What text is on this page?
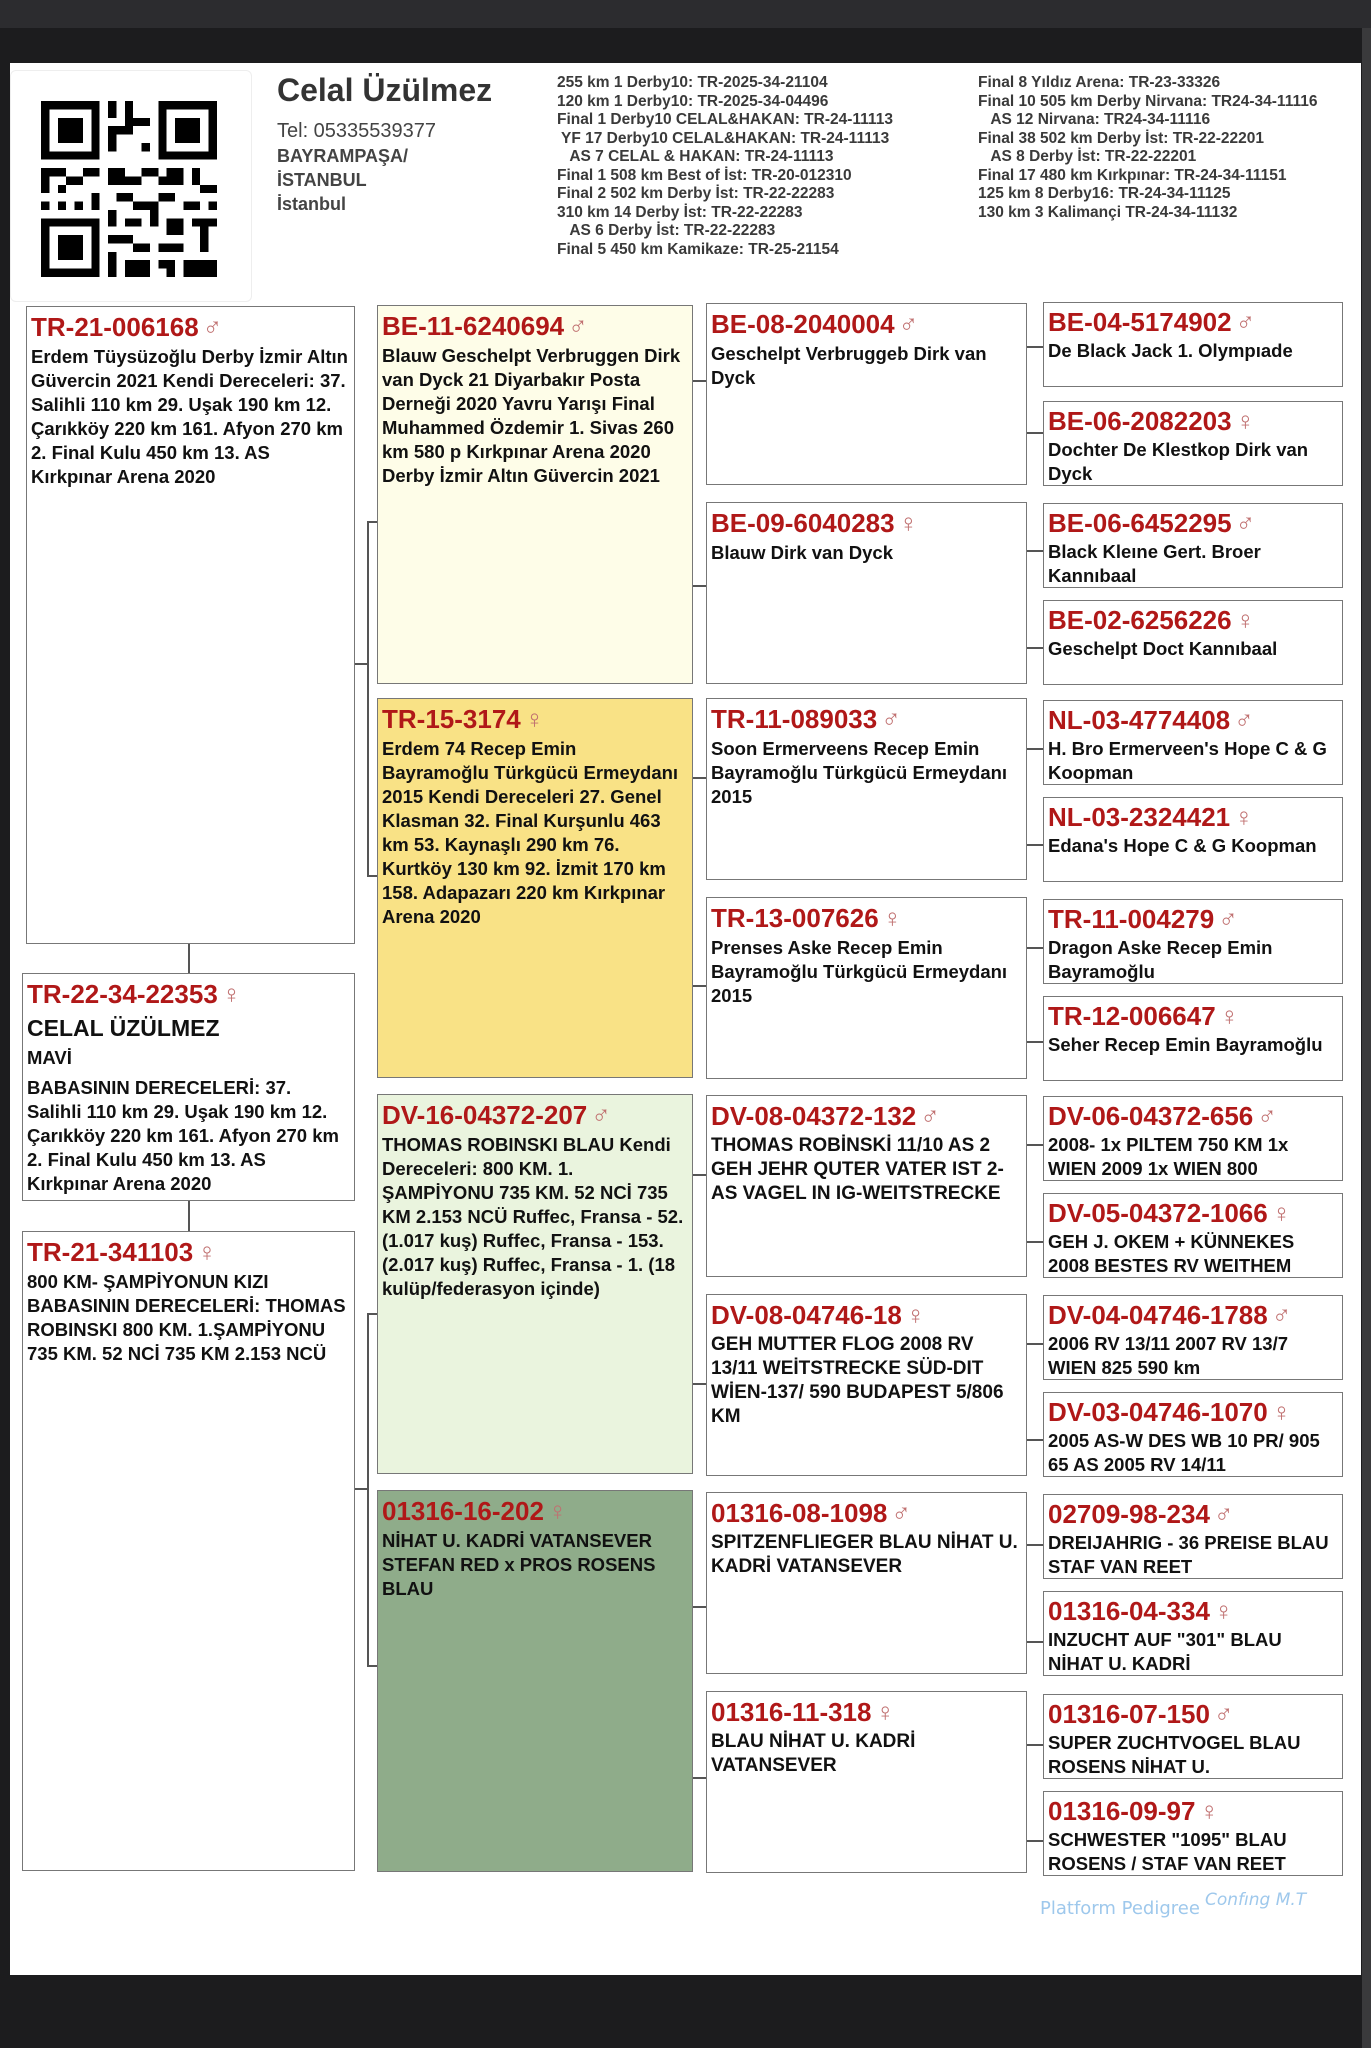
Celal Üzülmez
Tel: 05335539377
BAYRAMPAŞA/
İSTANBUL
İstanbul
255 km 1 Derby10: TR-2025-34-21104
120 km 1 Derby10: TR-2025-34-04496
Final 1 Derby10 CELAL&HAKAN: TR-24-11113
YF 17 Derby10 CELAL&HAKAN: TR-24-11113
AS 7 CELAL & HAKAN: TR-24-11113
Final 1 508 km Best of İst: TR-20-012310
Final 2 502 km Derby İst: TR-22-22283
310 km 14 Derby İst: TR-22-22283
AS 6 Derby İst: TR-22-22283
Final 5 450 km Kamikaze: TR-25-21154
Final 8 Yıldız Arena: TR-23-33326
Final 10 505 km Derby Nirvana: TR24-34-11116
AS 12 Nirvana: TR24-34-11116
Final 38 502 km Derby İst: TR-22-22201
AS 8 Derby İst: TR-22-22201
Final 17 480 km Kırkpınar: TR-24-34-11151
125 km 8 Derby16: TR-24-34-11125
130 km 3 Kalimançi TR-24-34-11132
TR-21-006168 ♂
Erdem Tüysüzoğlu Derby İzmir Altın Güvercin 2021 Kendi Dereceleri: 37. Salihli 110 km 29. Uşak 190 km 12. Çarıkköy 220 km 161. Afyon 270 km 2. Final Kulu 450 km 13. AS Kırkpınar Arena 2020
TR-22-34-22353 ♀
CELAL ÜZÜLMEZ
MAVİ
BABASININ DERECELERİ: 37. Salihli 110 km 29. Uşak 190 km 12. Çarıkköy 220 km 161. Afyon 270 km 2. Final Kulu 450 km 13. AS Kırkpınar Arena 2020
TR-21-341103 ♀
800 KM- ŞAMPİYONUN KIZI BABASININ DERECELERİ: THOMAS ROBINSKI 800 KM. 1.ŞAMPİYONU 735 KM. 52 NCİ 735 KM 2.153 NCÜ
BE-11-6240694 ♂
Blauw Geschelpt Verbruggen Dirk van Dyck 21 Diyarbakır Posta Derneği 2020 Yavru Yarışı Final Muhammed Özdemir 1. Sivas 260 km 580 p Kırkpınar Arena 2020 Derby İzmir Altın Güvercin 2021
TR-15-3174 ♀
Erdem 74 Recep Emin Bayramoğlu Türkgücü Ermeydanı 2015 Kendi Dereceleri 27. Genel Klasman 32. Final Kurşunlu 463 km 53. Kaynaşlı 290 km 76. Kurtköy 130 km 92. İzmit 170 km 158. Adapazarı 220 km Kırkpınar Arena 2020
DV-16-04372-207 ♂
THOMAS ROBINSKI BLAU Kendi Dereceleri: 800 KM. 1. ŞAMPİYONU 735 KM. 52 NCİ 735 KM 2.153 NCÜ Ruffec, Fransa - 52. (1.017 kuş) Ruffec, Fransa - 153. (2.017 kuş) Ruffec, Fransa - 1. (18 kulüp/federasyon içinde)
01316-16-202 ♀
NİHAT U. KADRİ VATANSEVER STEFAN RED x PROS ROSENS BLAU
BE-08-2040004 ♂
Geschelpt Verbruggeb Dirk van Dyck
BE-09-6040283 ♀
Blauw Dirk van Dyck
TR-11-089033 ♂
Soon Ermerveens Recep Emin Bayramoğlu Türkgücü Ermeydanı 2015
TR-13-007626 ♀
Prenses Aske Recep Emin Bayramoğlu Türkgücü Ermeydanı 2015
DV-08-04372-132 ♂
THOMAS ROBİNSKİ 11/10 AS 2 GEH JEHR QUTER VATER IST 2-AS VAGEL IN IG-WEITSTRECKE
DV-08-04746-18 ♀
GEH MUTTER FLOG 2008 RV 13/11 WEİTSTRECKE SÜD-DIT WİEN-137/ 590 BUDAPEST 5/806 KM
01316-08-1098 ♂
SPITZENFLIEGER BLAU NİHAT U. KADRİ VATANSEVER
01316-11-318 ♀
BLAU NİHAT U. KADRİ VATANSEVER
BE-04-5174902 ♂
De Black Jack 1. Olympıade
BE-06-2082203 ♀
Dochter De Klestkop Dirk van Dyck
BE-06-6452295 ♂
Black Kleıne Gert. Broer Kannıbaal
BE-02-6256226 ♀
Geschelpt Doct Kannıbaal
NL-03-4774408 ♂
H. Bro Ermerveen's Hope C & G Koopman
NL-03-2324421 ♀
Edana's Hope C & G Koopman
TR-11-004279 ♂
Dragon Aske Recep Emin Bayramoğlu
TR-12-006647 ♀
Seher Recep Emin Bayramoğlu
DV-06-04372-656 ♂
2008- 1x PILTEM 750 KM 1x WIEN 2009 1x WIEN 800
DV-05-04372-1066 ♀
GEH J. OKEM + KÜNNEKES 2008 BESTES RV WEITHEM
DV-04-04746-1788 ♂
2006 RV 13/11 2007 RV 13/7 WIEN 825 590 km
DV-03-04746-1070 ♀
2005 AS-W DES WB 10 PR/ 905 65 AS 2005 RV 14/11
02709-98-234 ♂
DREIJAHRIG - 36 PREISE BLAU STAF VAN REET
01316-04-334 ♀
INZUCHT AUF "301" BLAU NİHAT U. KADRİ
01316-07-150 ♂
SUPER ZUCHTVOGEL BLAU ROSENS NİHAT U.
01316-09-97 ♀
SCHWESTER "1095" BLAU ROSENS / STAF VAN REET
Platform Pedigree Confıng M.T
